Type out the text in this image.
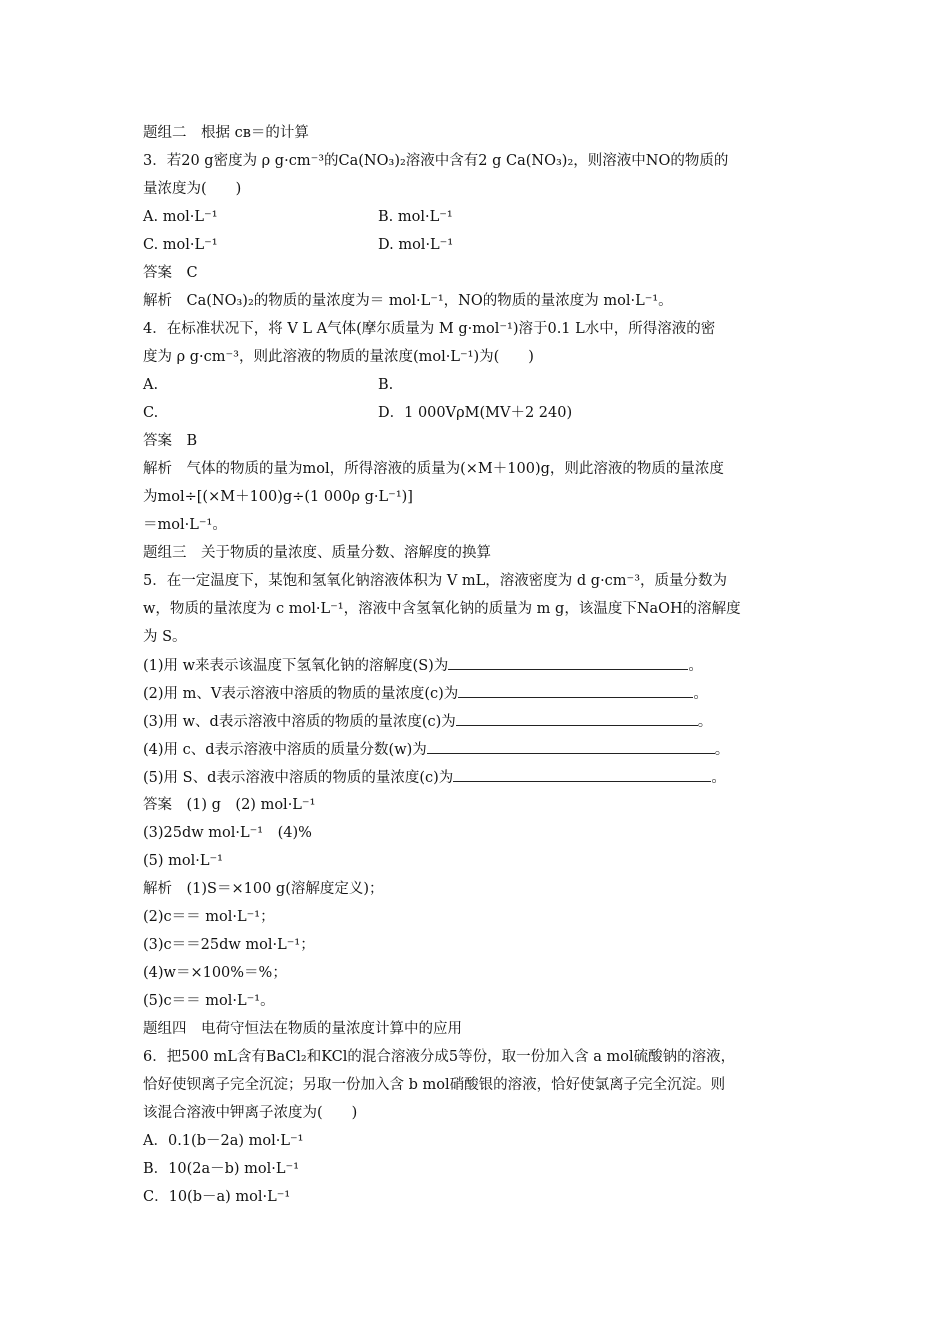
题组二　根据 cʙ＝的计算
3．若20 g密度为 ρ g·cm⁻³的Ca(NO₃)₂溶液中含有2 g Ca(NO₃)₂，则溶液中NO的物质的
量浓度为(　　)
A. mol·L⁻¹	B. mol·L⁻¹
C. mol·L⁻¹	D. mol·L⁻¹
答案　C
解析　Ca(NO₃)₂的物质的量浓度为＝ mol·L⁻¹，NO的物质的量浓度为 mol·L⁻¹。
4．在标准状况下，将 V L A气体(摩尔质量为 M g·mol⁻¹)溶于0.1 L水中，所得溶液的密
度为 ρ g·cm⁻³，则此溶液的物质的量浓度(mol·L⁻¹)为(　　)
A.	B.
C.	D．1 000VρM(MV＋2 240)
答案　B
解析　气体的物质的量为mol，所得溶液的质量为(×M＋100)g，则此溶液的物质的量浓度
为mol÷[(×M＋100)g÷(1 000ρ g·L⁻¹)]
＝mol·L⁻¹。
题组三　关于物质的量浓度、质量分数、溶解度的换算
5．在一定温度下，某饱和氢氧化钠溶液体积为 V mL，溶液密度为 d g·cm⁻³，质量分数为
w，物质的量浓度为 c mol·L⁻¹，溶液中含氢氧化钠的质量为 m g，该温度下NaOH的溶解度
为 S。
(1)用 w来表示该温度下氢氧化钠的溶解度(S)为	。
(2)用 m、V表示溶液中溶质的物质的量浓度(c)为	。
(3)用 w、d表示溶液中溶质的物质的量浓度(c)为	。
(4)用 c、d表示溶液中溶质的质量分数(w)为	。
(5)用 S、d表示溶液中溶质的物质的量浓度(c)为	。
答案　(1) g　(2) mol·L⁻¹
(3)25dw mol·L⁻¹　(4)%
(5) mol·L⁻¹
解析　(1)S＝×100 g(溶解度定义)；
(2)c＝＝ mol·L⁻¹；
(3)c＝＝25dw mol·L⁻¹；
(4)w＝×100%＝%；
(5)c＝＝ mol·L⁻¹。
题组四　电荷守恒法在物质的量浓度计算中的应用
6．把500 mL含有BaCl₂和KCl的混合溶液分成5等份，取一份加入含 a mol硫酸钠的溶液，
恰好使钡离子完全沉淀；另取一份加入含 b mol硝酸银的溶液，恰好使氯离子完全沉淀。则
该混合溶液中钾离子浓度为(　　)
A．0.1(b－2a) mol·L⁻¹
B．10(2a－b) mol·L⁻¹
C．10(b－a) mol·L⁻¹
